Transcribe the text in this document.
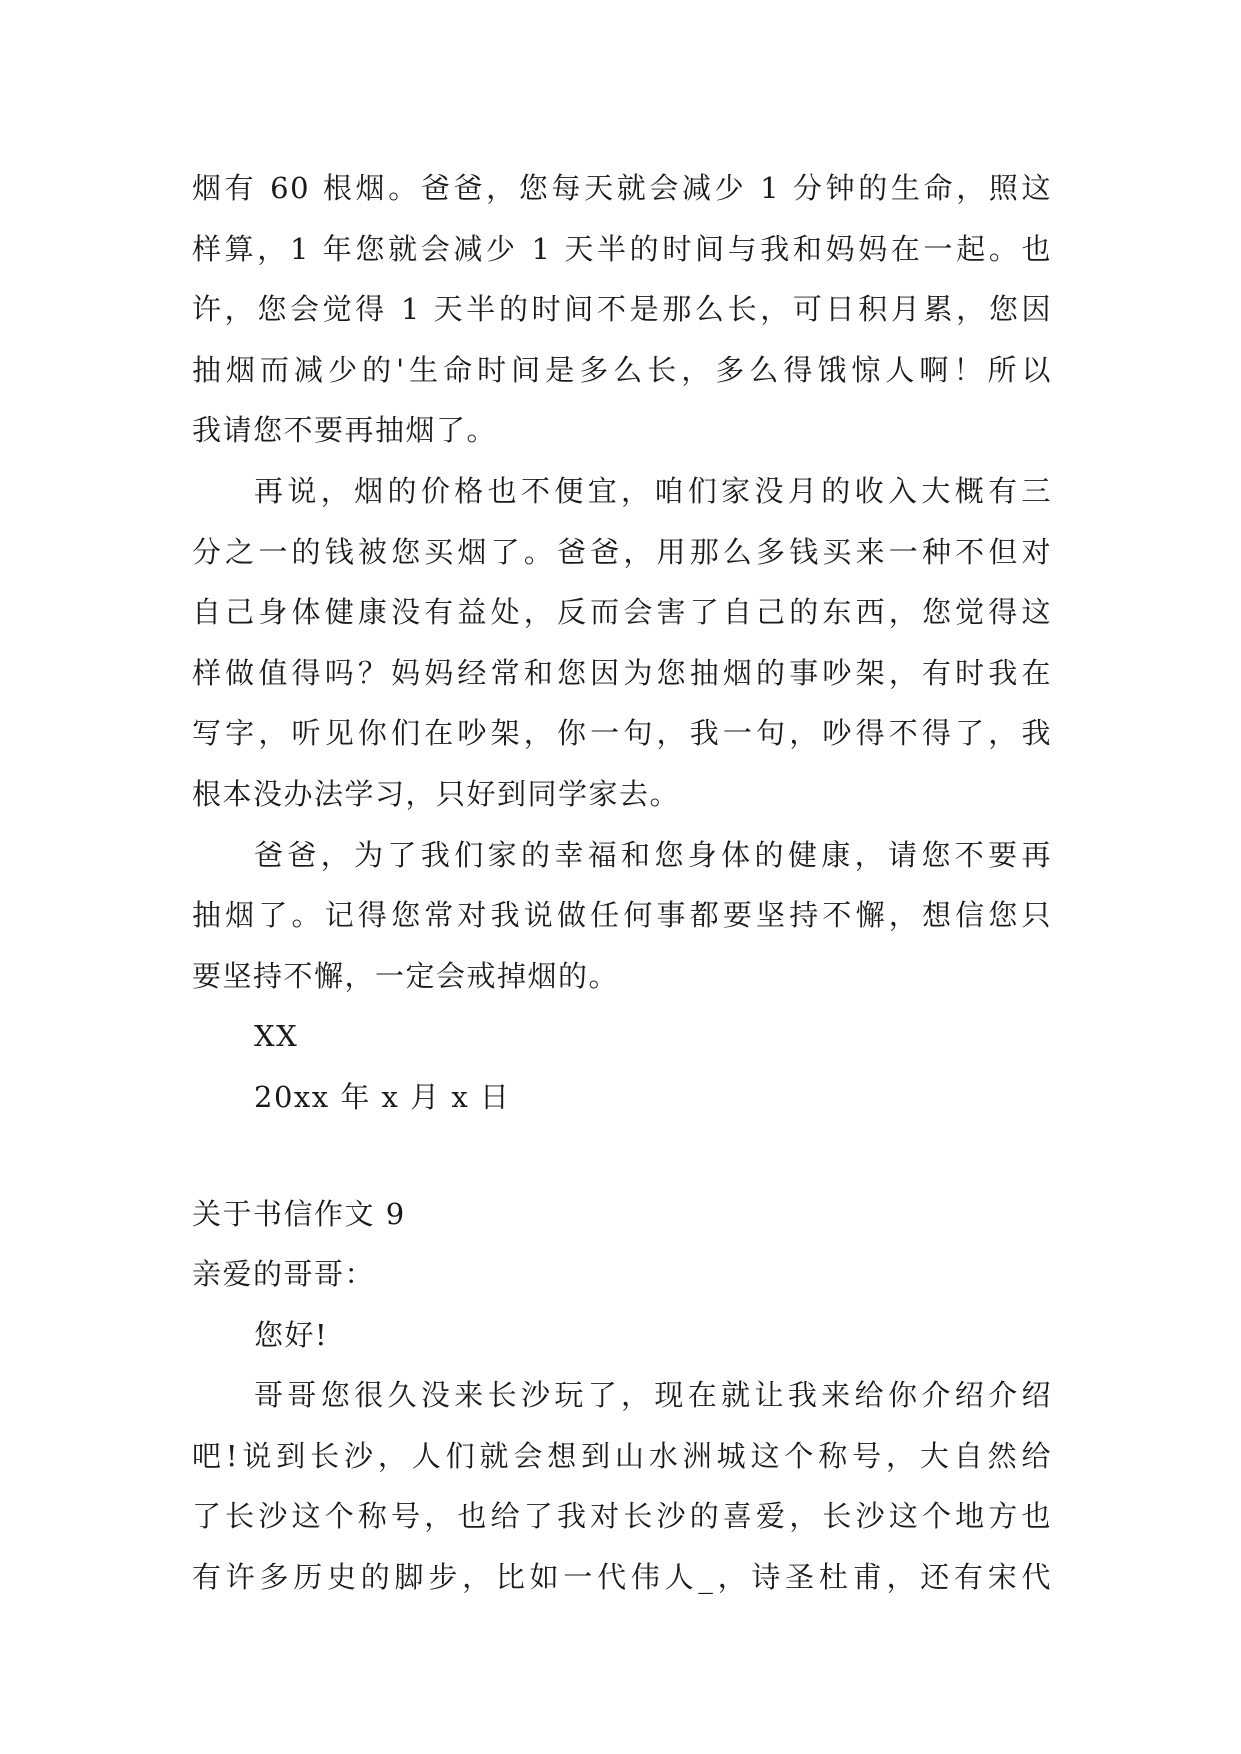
烟有 60 根烟。爸爸，您每天就会减少 1 分钟的生命，照这
样算，1 年您就会减少 1 天半的时间与我和妈妈在一起。也
许，您会觉得 1 天半的时间不是那么长，可日积月累，您因
抽烟而减少的'生命时间是多么长，多么得饿惊人啊！所以
我请您不要再抽烟了。
再说，烟的价格也不便宜，咱们家没月的收入大概有三
分之一的钱被您买烟了。爸爸，用那么多钱买来一种不但对
自己身体健康没有益处，反而会害了自己的东西，您觉得这
样做值得吗？妈妈经常和您因为您抽烟的事吵架，有时我在
写字，听见你们在吵架，你一句，我一句，吵得不得了，我
根本没办法学习，只好到同学家去。
爸爸，为了我们家的幸福和您身体的健康，请您不要再
抽烟了。记得您常对我说做任何事都要坚持不懈，想信您只
要坚持不懈，一定会戒掉烟的。
XX
20xx 年 x 月 x 日
关于书信作文 9
亲爱的哥哥：
您好!
哥哥您很久没来长沙玩了，现在就让我来给你介绍介绍
吧!说到长沙，人们就会想到山水洲城这个称号，大自然给
了长沙这个称号，也给了我对长沙的喜爱，长沙这个地方也
有许多历史的脚步，比如一代伟人_，诗圣杜甫，还有宋代
